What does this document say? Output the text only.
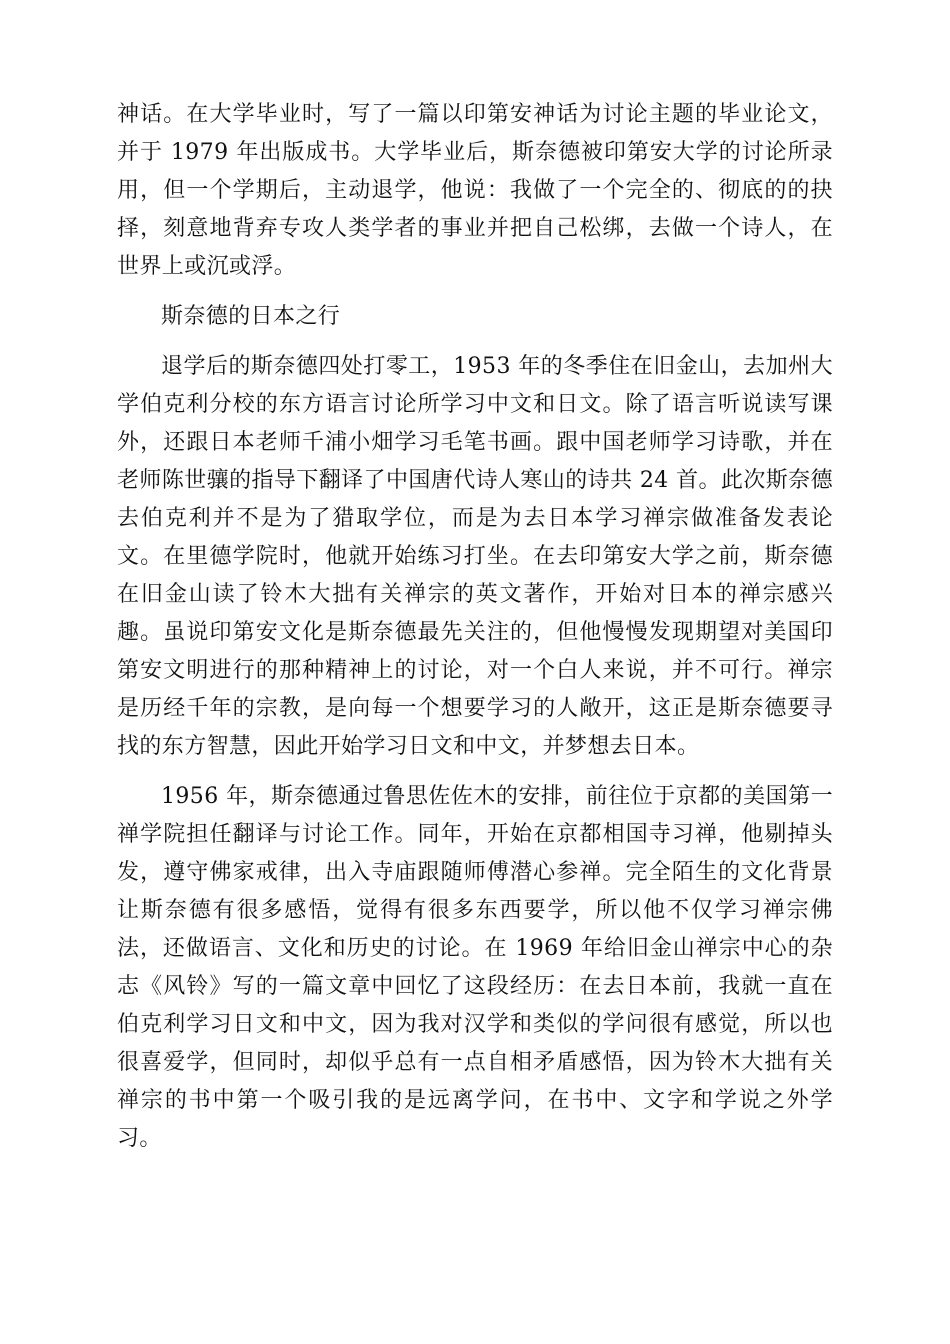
神话。在大学毕业时，写了一篇以印第安神话为讨论主题的毕业论文，并于 1979 年出版成书。大学毕业后，斯奈德被印第安大学的讨论所录用，但一个学期后，主动退学，他说：我做了一个完全的、彻底的的抉择，刻意地背弃专攻人类学者的事业并把自己松绑，去做一个诗人，在世界上或沉或浮。

斯奈德的日本之行

退学后的斯奈德四处打零工，1953 年的冬季住在旧金山，去加州大学伯克利分校的东方语言讨论所学习中文和日文。除了语言听说读写课外，还跟日本老师千浦小畑学习毛笔书画。跟中国老师学习诗歌，并在老师陈世骧的指导下翻译了中国唐代诗人寒山的诗共 24 首。此次斯奈德去伯克利并不是为了猎取学位，而是为去日本学习禅宗做准备发表论文。在里德学院时，他就开始练习打坐。在去印第安大学之前，斯奈德在旧金山读了铃木大拙有关禅宗的英文著作，开始对日本的禅宗感兴趣。虽说印第安文化是斯奈德最先关注的，但他慢慢发现期望对美国印第安文明进行的那种精神上的讨论，对一个白人来说，并不可行。禅宗是历经千年的宗教，是向每一个想要学习的人敞开，这正是斯奈德要寻找的东方智慧，因此开始学习日文和中文，并梦想去日本。

1956 年，斯奈德通过鲁思佐佐木的安排，前往位于京都的美国第一禅学院担任翻译与讨论工作。同年，开始在京都相国寺习禅，他剔掉头发，遵守佛家戒律，出入寺庙跟随师傅潜心参禅。完全陌生的文化背景让斯奈德有很多感悟，觉得有很多东西要学，所以他不仅学习禅宗佛法，还做语言、文化和历史的讨论。在 1969 年给旧金山禅宗中心的杂志《风铃》写的一篇文章中回忆了这段经历：在去日本前，我就一直在伯克利学习日文和中文，因为我对汉学和类似的学问很有感觉，所以也很喜爱学，但同时，却似乎总有一点自相矛盾感悟，因为铃木大拙有关禅宗的书中第一个吸引我的是远离学问，在书中、文字和学说之外学习。
